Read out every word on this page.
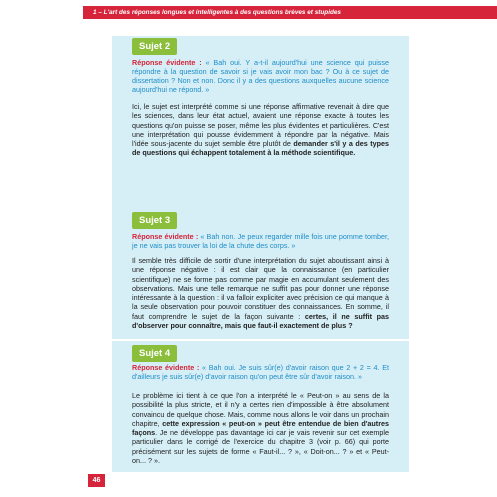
1 – L'art des réponses longues et intelligentes à des questions brèves et stupides
Sujet 2
Réponse évidente : « Bah oui. Y a-t-il aujourd'hui une science qui puisse répondre à la question de savoir si je vais avoir mon bac ? Ou à ce sujet de dissertation ? Non et non. Donc il y a des questions auxquelles aucune science aujourd'hui ne répond. »
Ici, le sujet est interprété comme si une réponse affirmative revenait à dire que les sciences, dans leur état actuel, avaient une réponse exacte à toutes les questions qu'on puisse se poser, même les plus évidentes et particulières. C'est une interprétation qui pousse évidemment à répondre par la négative. Mais l'idée sous-jacente du sujet semble être plutôt de demander s'il y a des types de questions qui échappent totalement à la méthode scientifique.
Sujet 3
Réponse évidente : « Bah non. Je peux regarder mille fois une pomme tomber, je ne vais pas trouver la loi de la chute des corps. »
Il semble très difficile de sortir d'une interprétation du sujet aboutissant ainsi à une réponse négative : il est clair que la connaissance (en particulier scientifique) ne se forme pas comme par magie en accumulant seulement des observations. Mais une telle remarque ne suffit pas pour donner une réponse intéressante à la question : il va falloir expliciter avec précision ce qui manque à la seule observation pour pouvoir constituer des connaissances. En somme, il faut comprendre le sujet de la façon suivante : certes, il ne suffit pas d'observer pour connaître, mais que faut-il exactement de plus ?
Sujet 4
Réponse évidente : « Bah oui. Je suis sûr(e) d'avoir raison que 2 + 2 = 4. Et d'ailleurs je suis sûr(e) d'avoir raison qu'on peut être sûr d'avoir raison. »
Le problème ici tient à ce que l'on a interprété le « Peut-on » au sens de la possibilité la plus stricte, et il n'y a certes rien d'impossible à être absolument convaincu de quelque chose. Mais, comme nous allons le voir dans un prochain chapitre, cette expression « peut-on » peut être entendue de bien d'autres façons. Je ne développe pas davantage ici car je vais revenir sur cet exemple particulier dans le corrigé de l'exercice du chapitre 3 (voir p. 66) qui porte précisément sur les sujets de forme « Faut-il... ? », « Doit-on... ? » et « Peut-on... ? ».
46
